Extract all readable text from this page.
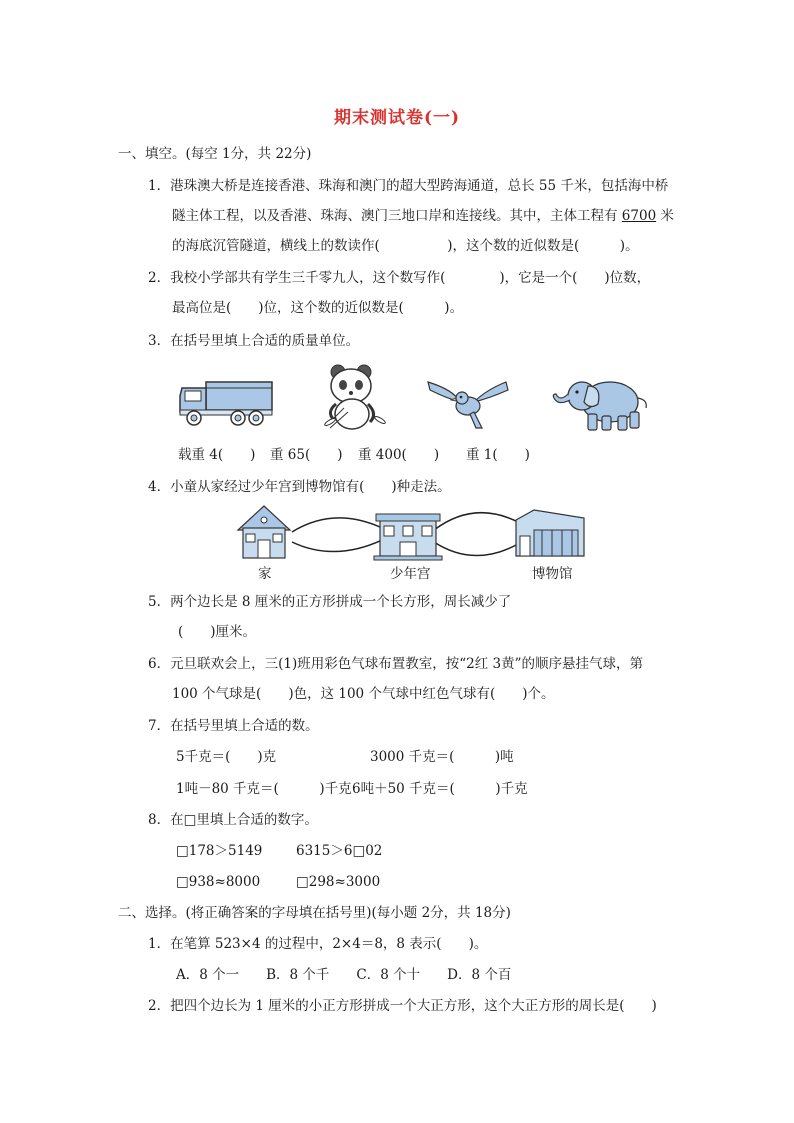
期末测试卷(一)
一、填空。(每空 1分，共 22分)
1．港珠澳大桥是连接香港、珠海和澳门的超大型跨海通道，总长 55 千米，包括海中桥
隧主体工程，以及香港、珠海、澳门三地口岸和连接线。其中，主体工程有 6700 米
的海底沉管隧道，横线上的数读作(　　　　　)，这个数的近似数是(　　　)。
2．我校小学部共有学生三千零九人，这个数写作(　　　　)，它是一个(　　)位数，
最高位是(　　)位，这个数的近似数是(　　　)。
3．在括号里填上合适的质量单位。
载重 4(　　) 重 65(　　) 重 400(　　) 重 1(　　)
4．小童从家经过少年宫到博物馆有(　　)种走法。
家	少年宫	博物馆
5．两个边长是 8 厘米的正方形拼成一个长方形，周长减少了
(　　)厘米。
6．元旦联欢会上，三(1)班用彩色气球布置教室，按“2红 3黄”的顺序悬挂气球，第
100 个气球是(　　)色，这 100 个气球中红色气球有(　　)个。
7．在括号里填上合适的数。
5千克＝(　　)克	3000 千克＝(　　　)吨
1吨－80 千克＝(　　　)千克 6吨＋50 千克＝(　　　)千克
8．在□里填上合适的数字。
□178＞5149 6315＞6□02
□938≈8000	□298≈3000
二、选择。(将正确答案的字母填在括号里)(每小题 2分，共 18分)
1．在笔算 523×4 的过程中，2×4＝8，8 表示(　　)。
A．8 个一　　B．8 个千　　C．8 个十　　D．8 个百
2．把四个边长为 1 厘米的小正方形拼成一个大正方形，这个大正方形的周长是(　　)
